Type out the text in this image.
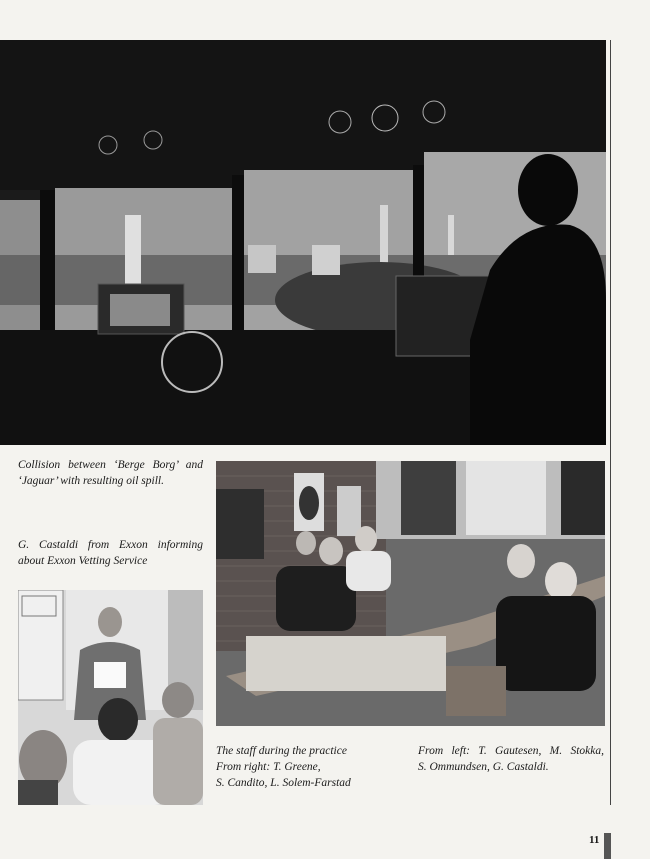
Collision between ‘Berge Borg’ and
‘Jaguar’ with resulting oil spill.
G. Castaldi from Exxon informing
about Exxon Vetting Service
The staff during the practice
From right: T. Greene,
S. Candito, L. Solem-Farstad
From left: T. Gautesen, M. Stokka,
S. Ommundsen, G. Castaldi.
11
